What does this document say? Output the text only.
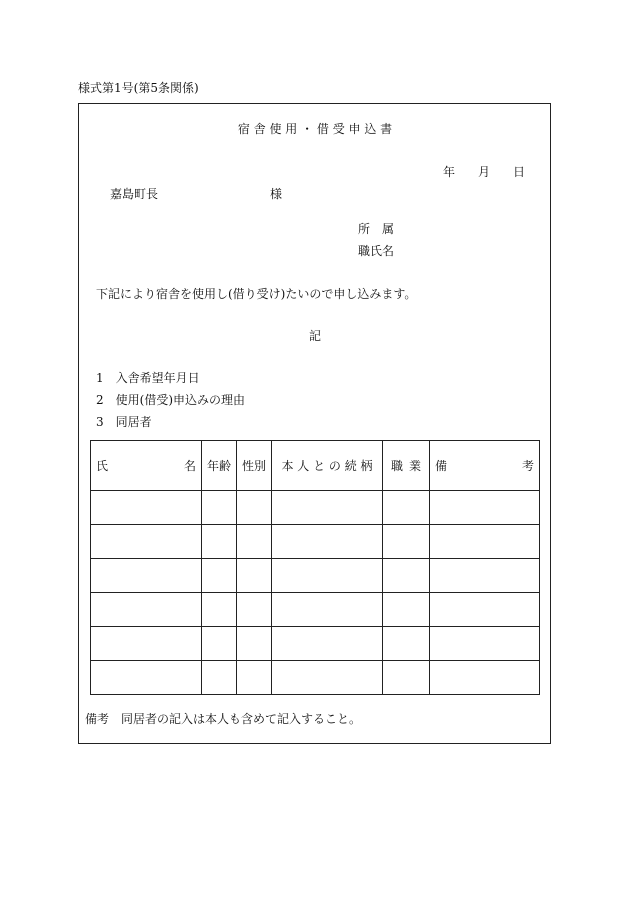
様式第1号(第5条関係)
宿 舎 使 用 ・ 借 受 申 込 書
年 月 日
嘉島町長	様
所　属
職氏名
下記により宿舎を使用し(借り受け)たいので申し込みます。
記
1 入舎希望年月日
2 使用(借受)申込みの理由
3 同居者
氏 名	年齢	性別	本 人 と の 続 柄	職 業	備 考

備考　同居者の記入は本人も含めて記入すること。
